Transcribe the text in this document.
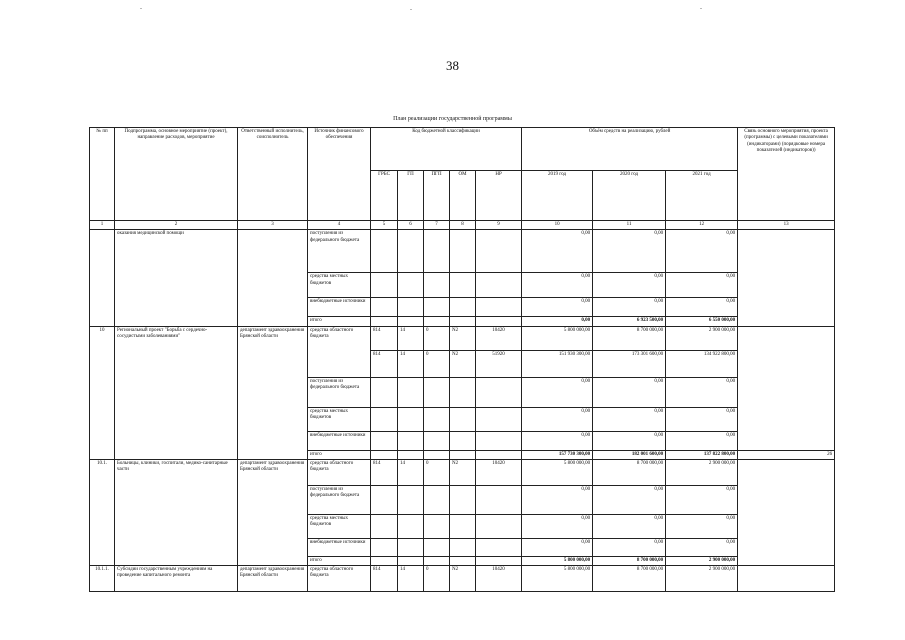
38
План реализации государственной программы
№ пп	Подпрограмма, основное мероприятие (проект), направление расходов, мероприятие	Ответственный исполнитель, соисполнитель	Источник финансового обеспечения	Код бюджетной классификации					Объём средств на реализацию, рублей			Связь основного мероприятия, проекта (программы) с целевыми показателями (индикаторами) (порядковые номера показателей (индикаторов))
				ГРБС	ГП	ПГП	ОМ	НР	2019 год	2020 год	2021 год	
1	2	3	4	5	6	7	8	9	10	11	12	13
	оказания медицинской помощи		поступления из федерального бюджета						0,00	0,00	0,00	
			средства местных бюджетов						0,00	0,00	0,00	
			внебюджетные источники						0,00	0,00	0,00	
			итого						0,00	6 923 500,00	6 550 000,00	
10	Региональный проект "Борьба с сердечно-сосудистыми заболеваниями"	департамент здравоохранения Брянской области	средства областного бюджета	814	14	0	N2	10420	5 800 000,00	8 700 000,00	2 900 000,00	
				814	14	0	N2	51920	151 930 300,00	173 301 600,00	134 922 800,00	
			поступления из федерального бюджета						0,00	0,00	0,00	
			средства местных бюджетов						0,00	0,00	0,00	
			внебюджетные источники						0,00	0,00	0,00	
			итого						157 730 300,00	182 001 600,00	137 822 800,00	26
10.1.	Больницы, клиники, госпитали, медико-санитарные части	департамент здравоохранения Брянской области	средства областного бюджета	814	14	0	N2	10420	5 800 000,00	8 700 000,00	2 900 000,00	
			поступления из федерального бюджета						0,00	0,00	0,00	
			средства местных бюджетов						0,00	0,00	0,00	
			внебюджетные источники						0,00	0,00	0,00	
			итого						5 800 000,00	8 700 000,00	2 900 000,00	
10.1.1.	Субсидии государственным учреждениям на проведение капитального ремонта	департамент здравоохранения Брянской области	средства областного бюджета	814	14	0	N2	10420	5 800 000,00	8 700 000,00	2 900 000,00	
